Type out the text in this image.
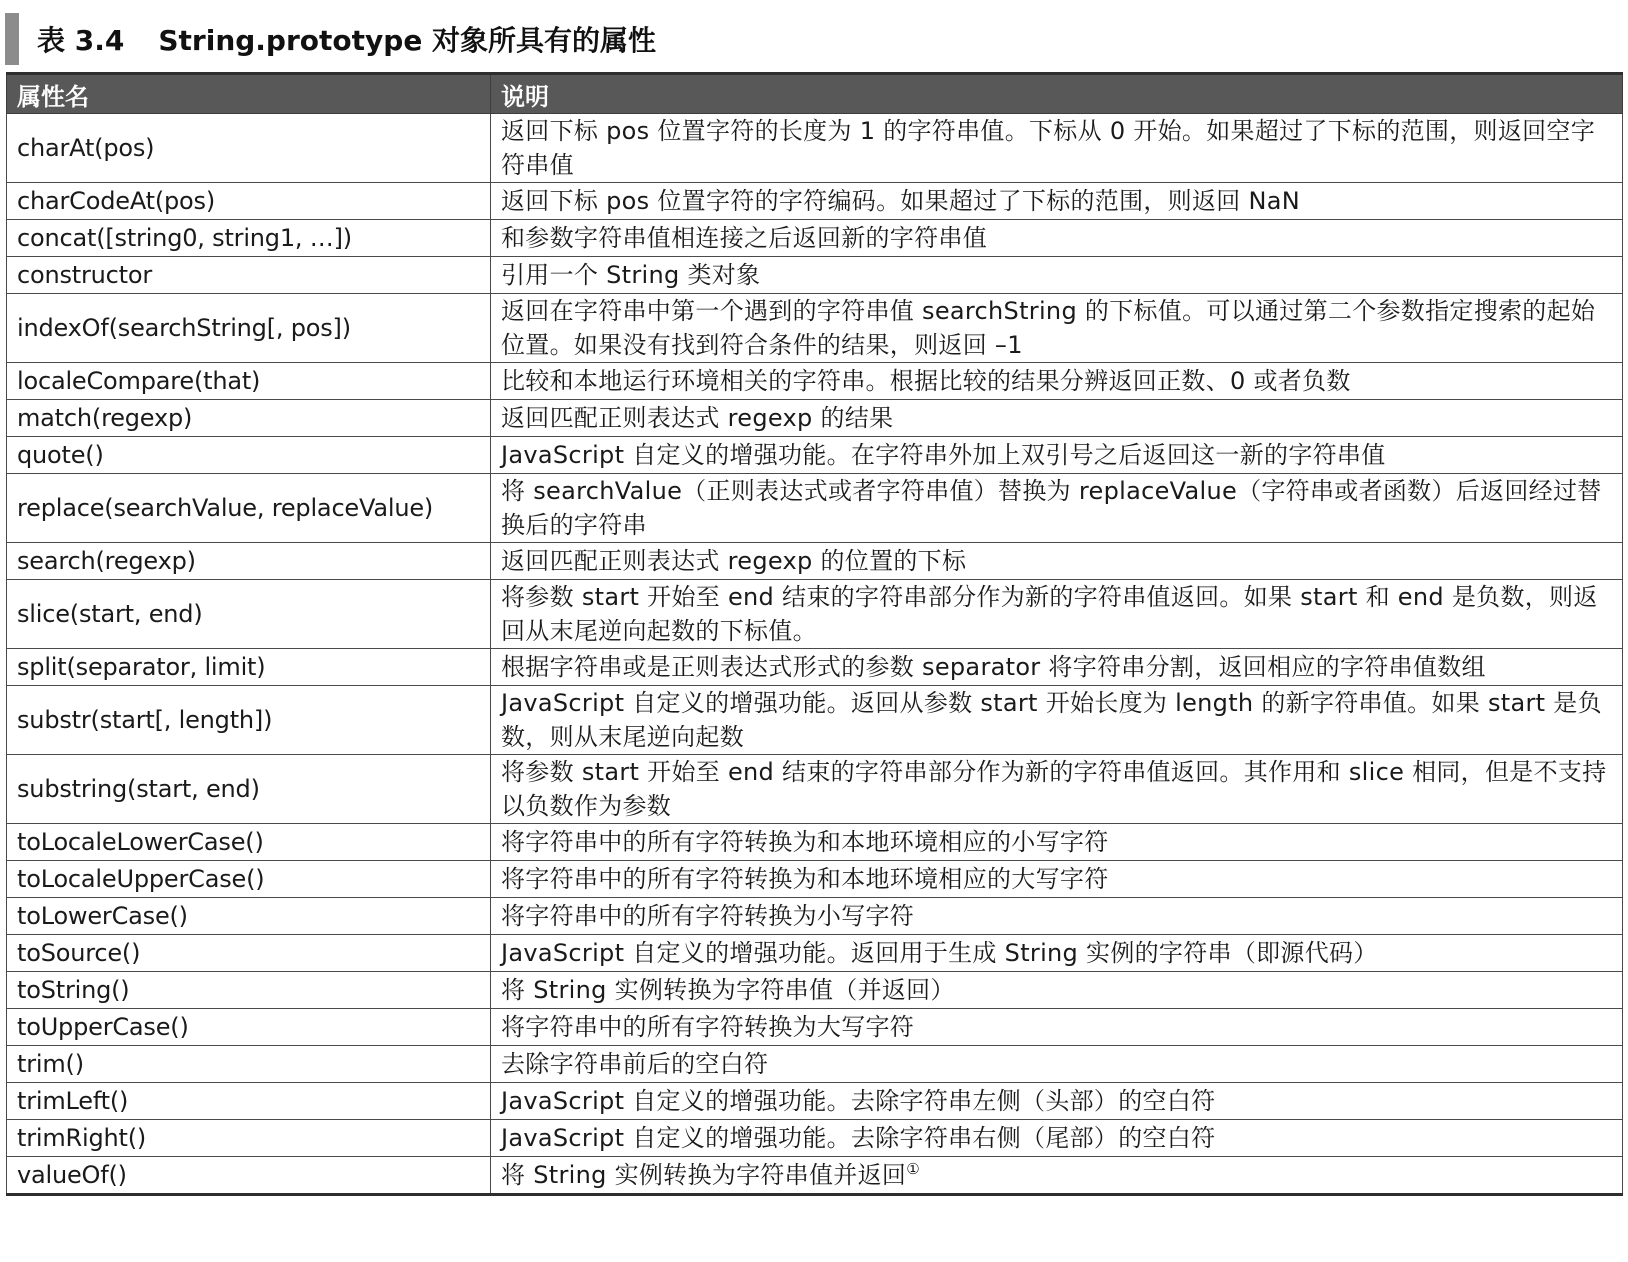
表 3.4 String.prototype 对象所具有的属性
属性名	说明
charAt(pos)	返回下标 pos 位置字符的长度为 1 的字符串值。下标从 0 开始。如果超过了下标的范围，则返回空字符串值
charCodeAt(pos)	返回下标 pos 位置字符的字符编码。如果超过了下标的范围，则返回 NaN
concat([string0, string1, …])	和参数字符串值相连接之后返回新的字符串值
constructor	引用一个 String 类对象
indexOf(searchString[, pos])	返回在字符串中第一个遇到的字符串值 searchString 的下标值。可以通过第二个参数指定搜索的起始位置。如果没有找到符合条件的结果，则返回 –1
localeCompare(that)	比较和本地运行环境相关的字符串。根据比较的结果分辨返回正数、0 或者负数
match(regexp)	返回匹配正则表达式 regexp 的结果
quote()	JavaScript 自定义的增强功能。在字符串外加上双引号之后返回这一新的字符串值
replace(searchValue, replaceValue)	将 searchValue（正则表达式或者字符串值）替换为 replaceValue（字符串或者函数）后返回经过替换后的字符串
search(regexp)	返回匹配正则表达式 regexp 的位置的下标
slice(start, end)	将参数 start 开始至 end 结束的字符串部分作为新的字符串值返回。如果 start 和 end 是负数，则返回从末尾逆向起数的下标值。
split(separator, limit)	根据字符串或是正则表达式形式的参数 separator 将字符串分割，返回相应的字符串值数组
substr(start[, length])	JavaScript 自定义的增强功能。返回从参数 start 开始长度为 length 的新字符串值。如果 start 是负数，则从末尾逆向起数
substring(start, end)	将参数 start 开始至 end 结束的字符串部分作为新的字符串值返回。其作用和 slice 相同，但是不支持以负数作为参数
toLocaleLowerCase()	将字符串中的所有字符转换为和本地环境相应的小写字符
toLocaleUpperCase()	将字符串中的所有字符转换为和本地环境相应的大写字符
toLowerCase()	将字符串中的所有字符转换为小写字符
toSource()	JavaScript 自定义的增强功能。返回用于生成 String 实例的字符串（即源代码）
toString()	将 String 实例转换为字符串值（并返回）
toUpperCase()	将字符串中的所有字符转换为大写字符
trim()	去除字符串前后的空白符
trimLeft()	JavaScript 自定义的增强功能。去除字符串左侧（头部）的空白符
trimRight()	JavaScript 自定义的增强功能。去除字符串右侧（尾部）的空白符
valueOf()	将 String 实例转换为字符串值并返回①
